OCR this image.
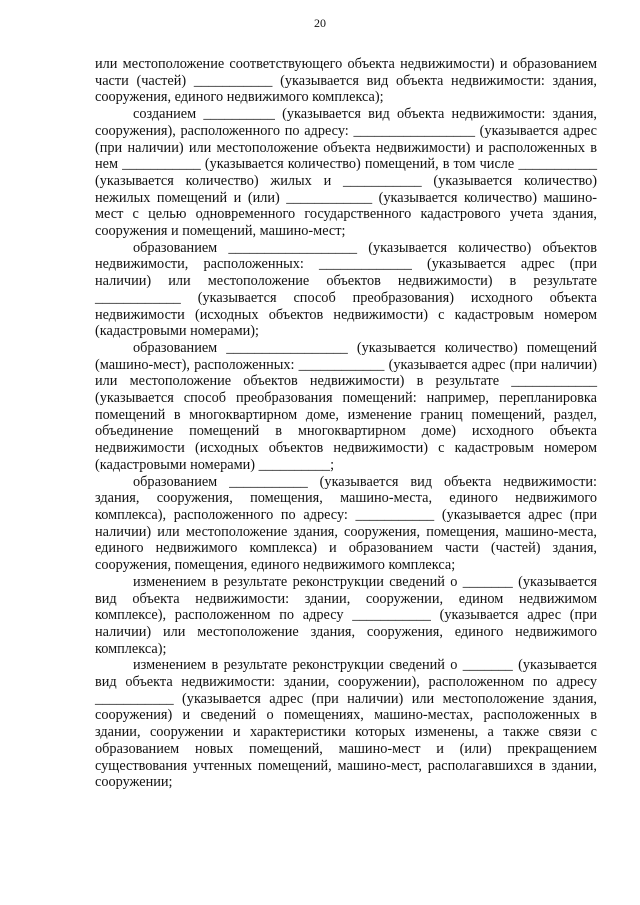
20

или местоположение соответствующего объекта недвижимости) и образованием части (частей) ___________ (указывается вид объекта недвижимости: здания, сооружения, единого недвижимого комплекса);

созданием __________ (указывается вид объекта недвижимости: здания, сооружения), расположенного по адресу: _________________ (указывается адрес (при наличии) или местоположение объекта недвижимости) и расположенных в нем ___________ (указывается количество) помещений, в том числе ___________ (указывается количество) жилых и ___________ (указывается количество) нежилых помещений и (или) ____________ (указывается количество) машино-мест с целью одновременного государственного кадастрового учета здания, сооружения и помещений, машино-мест;

образованием __________________ (указывается количество) объектов недвижимости, расположенных: _____________ (указывается адрес (при наличии) или местоположение объектов недвижимости) в результате ____________ (указывается способ преобразования) исходного объекта недвижимости (исходных объектов недвижимости) с кадастровым номером (кадастровыми номерами);

образованием _________________ (указывается количество) помещений (машино-мест), расположенных: ____________ (указывается адрес (при наличии) или местоположение объектов недвижимости) в результате ____________ (указывается способ преобразования помещений: например, перепланировка помещений в многоквартирном доме, изменение границ помещений, раздел, объединение помещений в многоквартирном доме) исходного объекта недвижимости (исходных объектов недвижимости) с кадастровым номером (кадастровыми номерами) __________;

образованием ___________ (указывается вид объекта недвижимости: здания, сооружения, помещения, машино-места, единого недвижимого комплекса), расположенного по адресу: ___________ (указывается адрес (при наличии) или местоположение здания, сооружения, помещения, машино-места, единого недвижимого комплекса) и образованием части (частей) здания, сооружения, помещения, единого недвижимого комплекса;

изменением в результате реконструкции сведений о _______ (указывается вид объекта недвижимости: здании, сооружении, едином недвижимом комплексе), расположенном по адресу ___________ (указывается адрес (при наличии) или местоположение здания, сооружения, единого недвижимого комплекса);

изменением в результате реконструкции сведений о _______ (указывается вид объекта недвижимости: здании, сооружении), расположенном по адресу ___________ (указывается адрес (при наличии) или местоположение здания, сооружения) и сведений о помещениях, машино-местах, расположенных в здании, сооружении и характеристики которых изменены, а также связи с образованием новых помещений, машино-мест и (или) прекращением существования учтенных помещений, машино-мест, располагавшихся в здании, сооружении;
